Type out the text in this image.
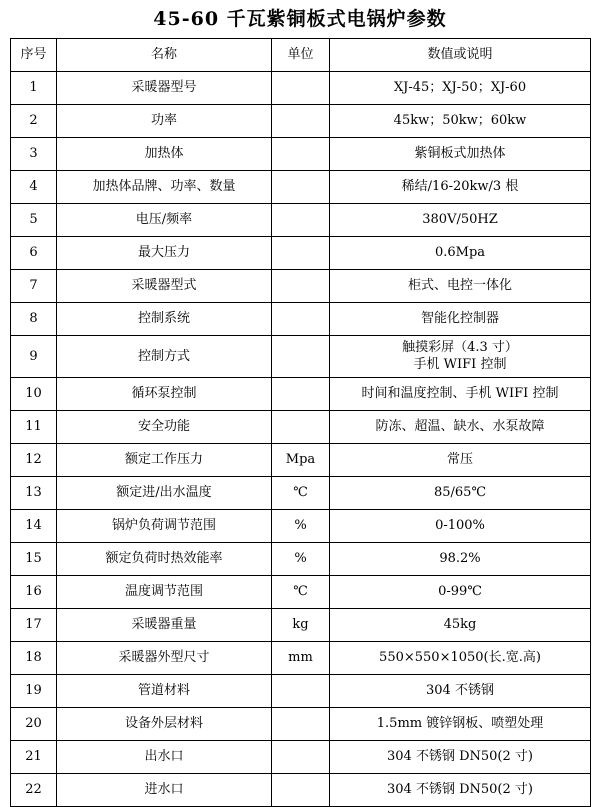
45-60 千瓦紫铜板式电锅炉参数
序号	名称	单位	数值或说明
1	采暖器型号		XJ-45；XJ-50；XJ-60
2	功率		45kw；50kw；60kw
3	加热体		紫铜板式加热体
4	加热体品牌、功率、数量		稀结/16-20kw/3 根
5	电压/频率		380V/50HZ
6	最大压力		0.6Mpa
7	采暖器型式		柜式、电控一体化
8	控制系统		智能化控制器
9	控制方式		触摸彩屏（4.3 寸）
手机 WIFI 控制

10	循环泵控制		时间和温度控制、手机 WIFI 控制
11	安全功能		防冻、超温、缺水、水泵故障
12	额定工作压力	Mpa	常压
13	额定进/出水温度	℃	85/65℃
14	锅炉负荷调节范围	%	0-100%
15	额定负荷时热效能率	%	98.2%
16	温度调节范围	℃	0-99℃
17	采暖器重量	kg	45kg
18	采暖器外型尺寸	mm	550×550×1050(长.宽.高)
19	管道材料		304 不锈钢
20	设备外层材料		1.5mm 镀锌钢板、喷塑处理
21	出水口		304 不锈钢 DN50(2 寸)
22	进水口		304 不锈钢 DN50(2 寸)
